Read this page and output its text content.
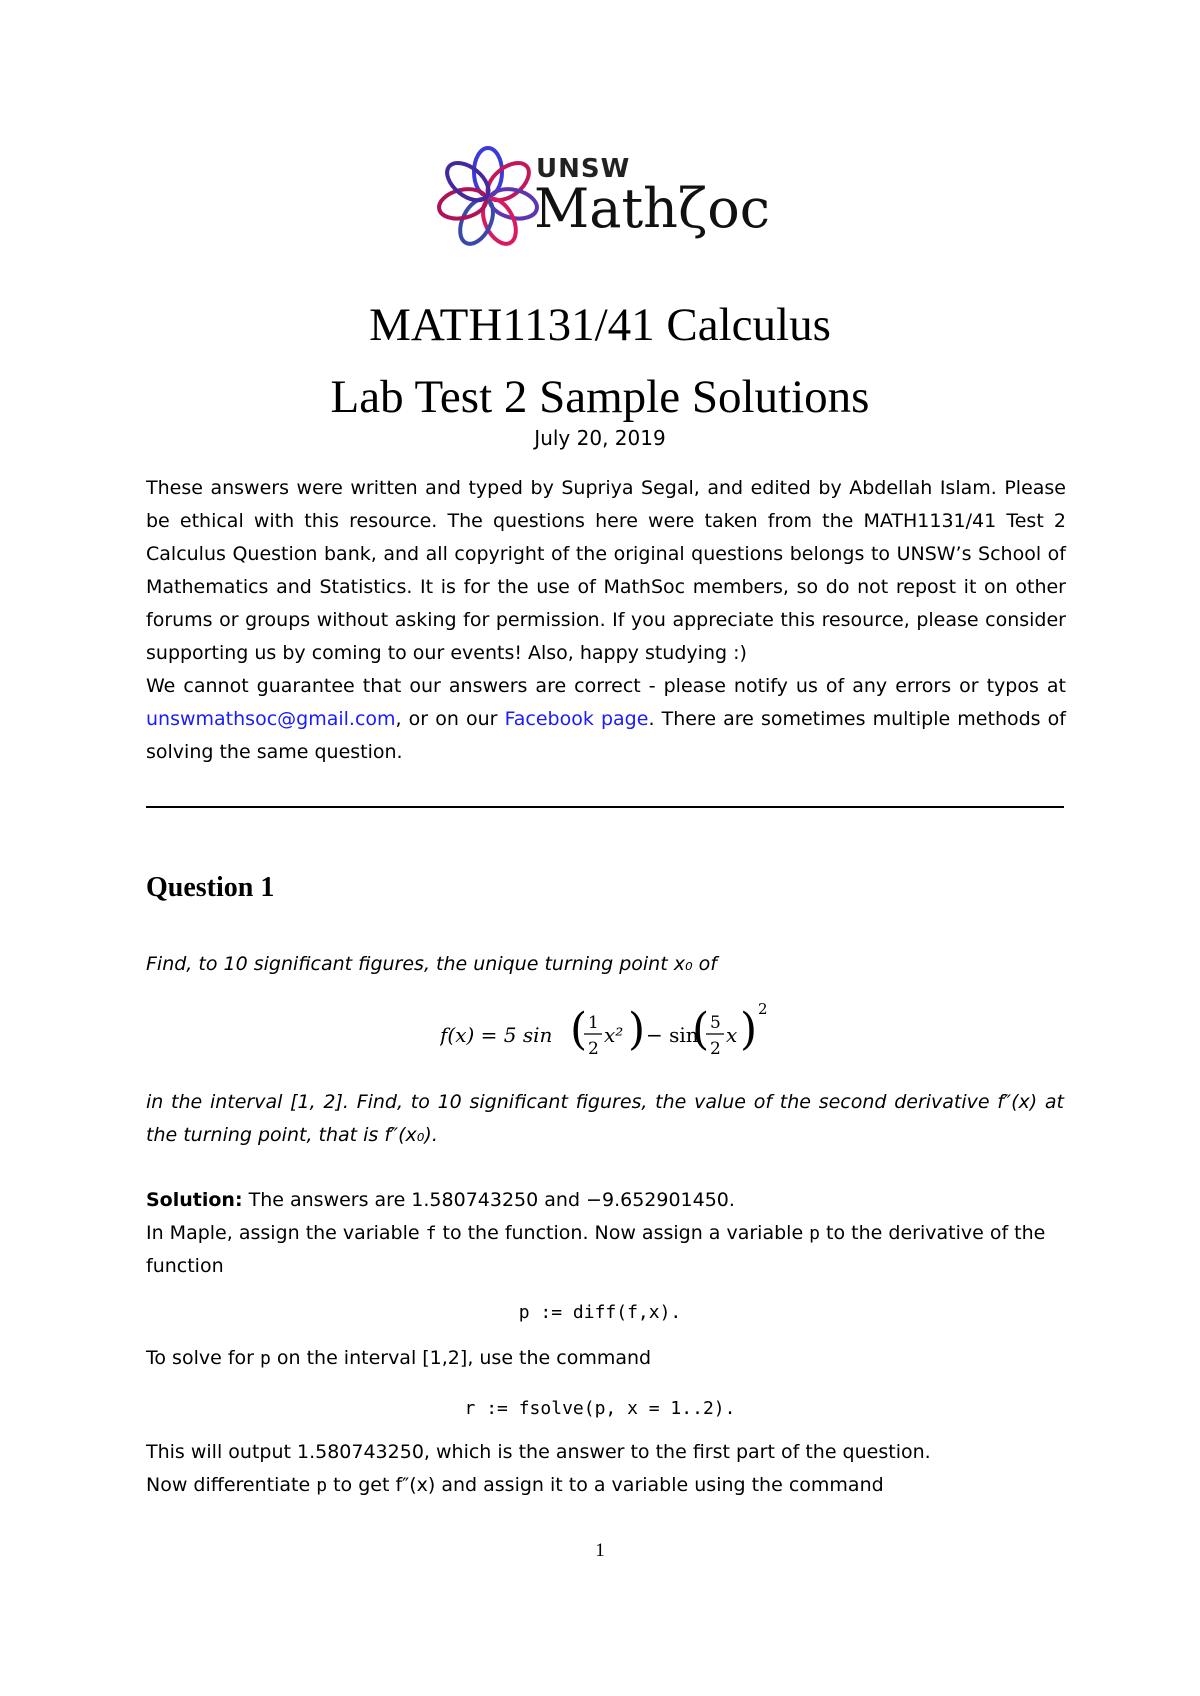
UNSW
Mathζoc
MATH1131/41 Calculus
Lab Test 2 Sample Solutions
July 20, 2019

These answers were written and typed by Supriya Segal, and edited by Abdellah Islam. Please be ethical with this resource. The questions here were taken from the MATH1131/41 Test 2 Calculus Question bank, and all copyright of the original questions belongs to UNSW’s School of Mathematics and Statistics. It is for the use of MathSoc members, so do not repost it on other forums or groups without asking for permission. If you appreciate this resource, please consider supporting us by coming to our events! Also, happy studying :)

We cannot guarantee that our answers are correct - please notify us of any errors or typos at unswmathsoc@gmail.com, or on our Facebook page. There are sometimes multiple methods of solving the same question.

Question 1
Find, to 10 significant figures, the unique turning point x₀ of
f(x) = 5 sin ( 1
2
x² ) − sin
( 5
2
x ) 2
in the interval [1, 2]. Find, to 10 significant figures, the value of the second derivative f″(x) at the turning point, that is f″(x₀).
Solution: The answers are 1.580743250 and −9.652901450.
In Maple, assign the variable f to the function. Now assign a variable p to the derivative of the function
p := diff(f,x).
To solve for p on the interval [1,2], use the command
r := fsolve(p, x = 1..2).
This will output 1.580743250, which is the answer to the first part of the question.
Now differentiate p to get f″(x) and assign it to a variable using the command
1
